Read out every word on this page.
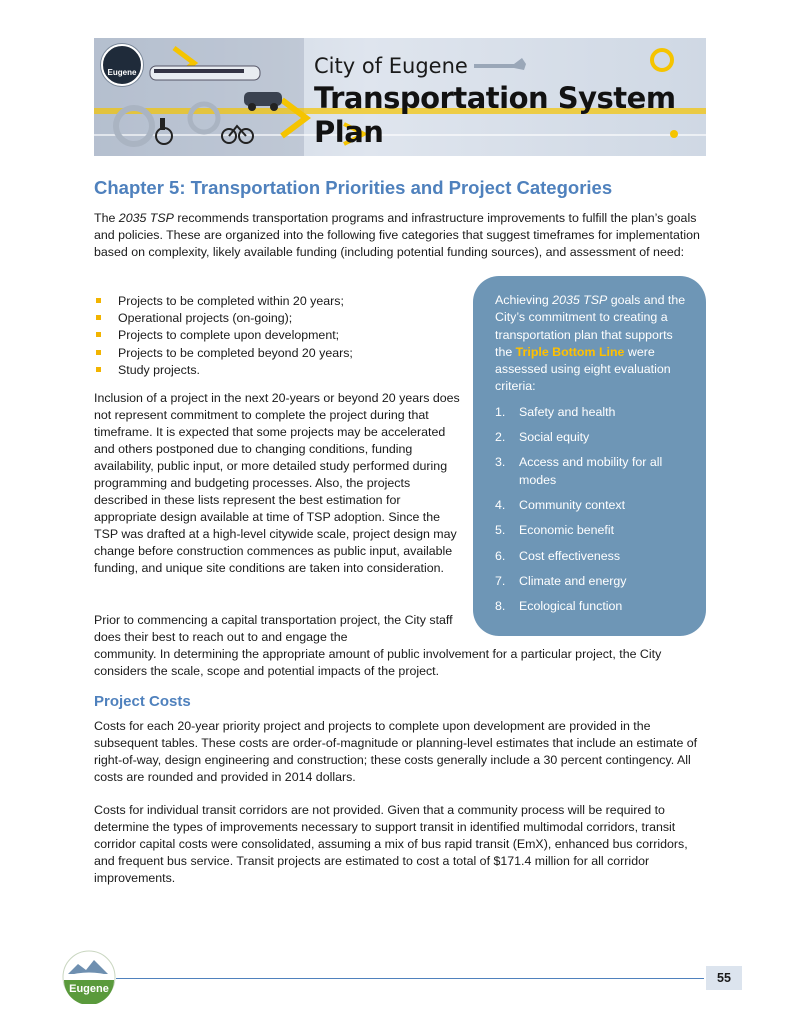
Eugene	City of Eugene
Transportation System Plan
Chapter 5: Transportation Priorities and Project Categories

The 2035 TSP recommends transportation programs and infrastructure improvements to fulfill the plan’s goals and policies. These are organized into the following five categories that suggest timeframes for implementation based on complexity, likely available funding (including potential funding sources), and assessment of need:

Projects to be completed within 20 years;
Operational projects (on-going);
Projects to complete upon development;
Projects to be completed beyond 20 years;
Study projects.

Inclusion of a project in the next 20-years or beyond 20 years does not represent commitment to complete the project during that timeframe. It is expected that some projects may be accelerated and others postponed due to changing conditions, funding availability, public input, or more detailed study performed during programming and budgeting processes. Also, the projects described in these lists represent the best estimation for appropriate design available at time of TSP adoption. Since the TSP was drafted at a high-level citywide scale, project design may change before construction commences as public input, available funding, and unique site conditions are taken into consideration.

Prior to commencing a capital transportation project, the City staff does their best to reach out to and engage the
community. In determining the appropriate amount of public involvement for a particular project, the City considers the scale, scope and potential impacts of the project.

Project Costs

Costs for each 20-year priority project and projects to complete upon development are provided in the subsequent tables. These costs are order-of-magnitude or planning-level estimates that include an estimate of right-of-way, design engineering and construction; these costs generally include a 30 percent contingency. All costs are rounded and provided in 2014 dollars.

Costs for individual transit corridors are not provided. Given that a community process will be required to determine the types of improvements necessary to support transit in identified multimodal corridors, transit corridor capital costs were consolidated, assuming a mix of bus rapid transit (EmX), enhanced bus corridors, and frequent bus service. Transit projects are estimated to cost a total of $171.4 million for all corridor improvements.

Achieving 2035 TSP goals and the City’s commitment to creating a transportation plan that supports the Triple Bottom Line were assessed using eight evaluation criteria:

1. Safety and health
2. Social equity
3. Access and mobility for all modes
4. Community context
5. Economic benefit
6. Cost effectiveness
7. Climate and energy
8. Ecological function
Eugene
55
